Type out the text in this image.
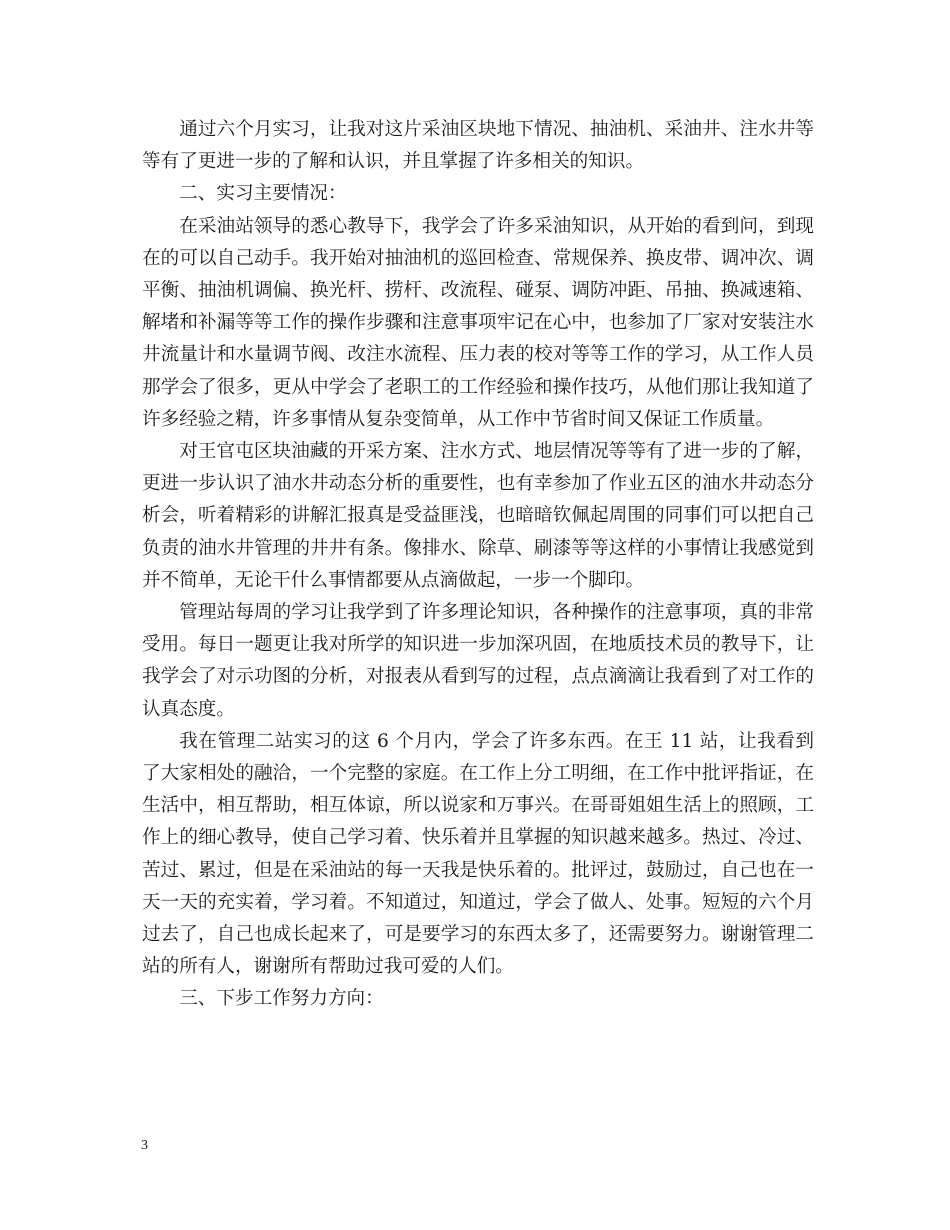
通过六个月实习，让我对这片采油区块地下情况、抽油机、采油井、注水井等等有了更进一步的了解和认识，并且掌握了许多相关的知识。

二、实习主要情况：

在采油站领导的悉心教导下，我学会了许多采油知识，从开始的看到问，到现在的可以自己动手。我开始对抽油机的巡回检查、常规保养、换皮带、调冲次、调平衡、抽油机调偏、换光杆、捞杆、改流程、碰泵、调防冲距、吊抽、换减速箱、解堵和补漏等等工作的操作步骤和注意事项牢记在心中，也参加了厂家对安装注水井流量计和水量调节阀、改注水流程、压力表的校对等等工作的学习，从工作人员那学会了很多，更从中学会了老职工的工作经验和操作技巧，从他们那让我知道了许多经验之精，许多事情从复杂变简单，从工作中节省时间又保证工作质量。

对王官屯区块油藏的开采方案、注水方式、地层情况等等有了进一步的了解，更进一步认识了油水井动态分析的重要性，也有幸参加了作业五区的油水井动态分析会，听着精彩的讲解汇报真是受益匪浅，也暗暗钦佩起周围的同事们可以把自己负责的油水井管理的井井有条。像排水、除草、刷漆等等这样的小事情让我感觉到并不简单，无论干什么事情都要从点滴做起，一步一个脚印。

管理站每周的学习让我学到了许多理论知识，各种操作的注意事项，真的非常受用。每日一题更让我对所学的知识进一步加深巩固，在地质技术员的教导下，让我学会了对示功图的分析，对报表从看到写的过程，点点滴滴让我看到了对工作的认真态度。

我在管理二站实习的这 6 个月内，学会了许多东西。在王 11 站，让我看到了大家相处的融洽，一个完整的家庭。在工作上分工明细，在工作中批评指证，在生活中，相互帮助，相互体谅，所以说家和万事兴。在哥哥姐姐生活上的照顾，工作上的细心教导，使自己学习着、快乐着并且掌握的知识越来越多。热过、冷过、苦过、累过，但是在采油站的每一天我是快乐着的。批评过，鼓励过，自己也在一天一天的充实着，学习着。不知道过，知道过，学会了做人、处事。短短的六个月过去了，自己也成长起来了，可是要学习的东西太多了，还需要努力。谢谢管理二站的所有人，谢谢所有帮助过我可爱的人们。

三、下步工作努力方向：

3
